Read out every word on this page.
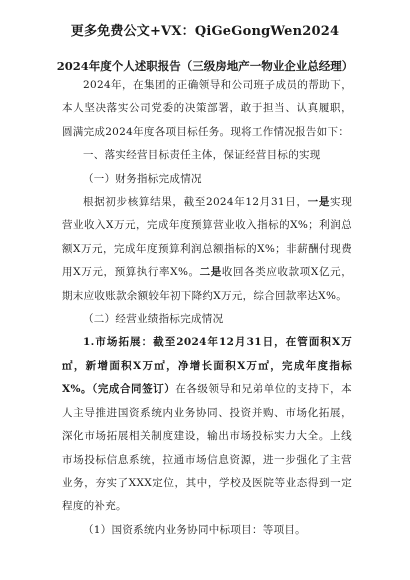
更多免费公文+VX：QiGeGongWen2024
2024年度个人述职报告（三级房地产一物业企业总经理）

2024年，在集团的正确领导和公司班子成员的帮助下，本人坚决落实公司党委的决策部署，敢于担当、认真履职，圆满完成2024年度各项目标任务。现将工作情况报告如下：

一、落实经营目标责任主体，保证经营目标的实现

（一）财务指标完成情况

根据初步核算结果，截至2024年12月31日，一是实现营业收入X万元，完成年度预算营业收入指标的X%；利润总额X万元，完成年度预算利润总额指标的X%；非薪酬付现费用X万元，预算执行率X%。二是收回各类应收款项X亿元，期末应收账款余额较年初下降约X万元，综合回款率达X%。

（二）经营业绩指标完成情况

1.市场拓展：截至2024年12月31日，在管面积X万㎡，新增面积X万㎡，净增长面积X万㎡，完成年度指标X%。（完成合同签订）在各级领导和兄弟单位的支持下，本人主导推进国资系统内业务协同、投资并购、市场化拓展，深化市场拓展相关制度建设，输出市场投标实力大全。上线市场投标信息系统，拉通市场信息资源，进一步强化了主营业务，夯实了XXX定位，其中，学校及医院等业态得到一定程度的补充。

（1）国资系统内业务协同中标项目：等项目。
